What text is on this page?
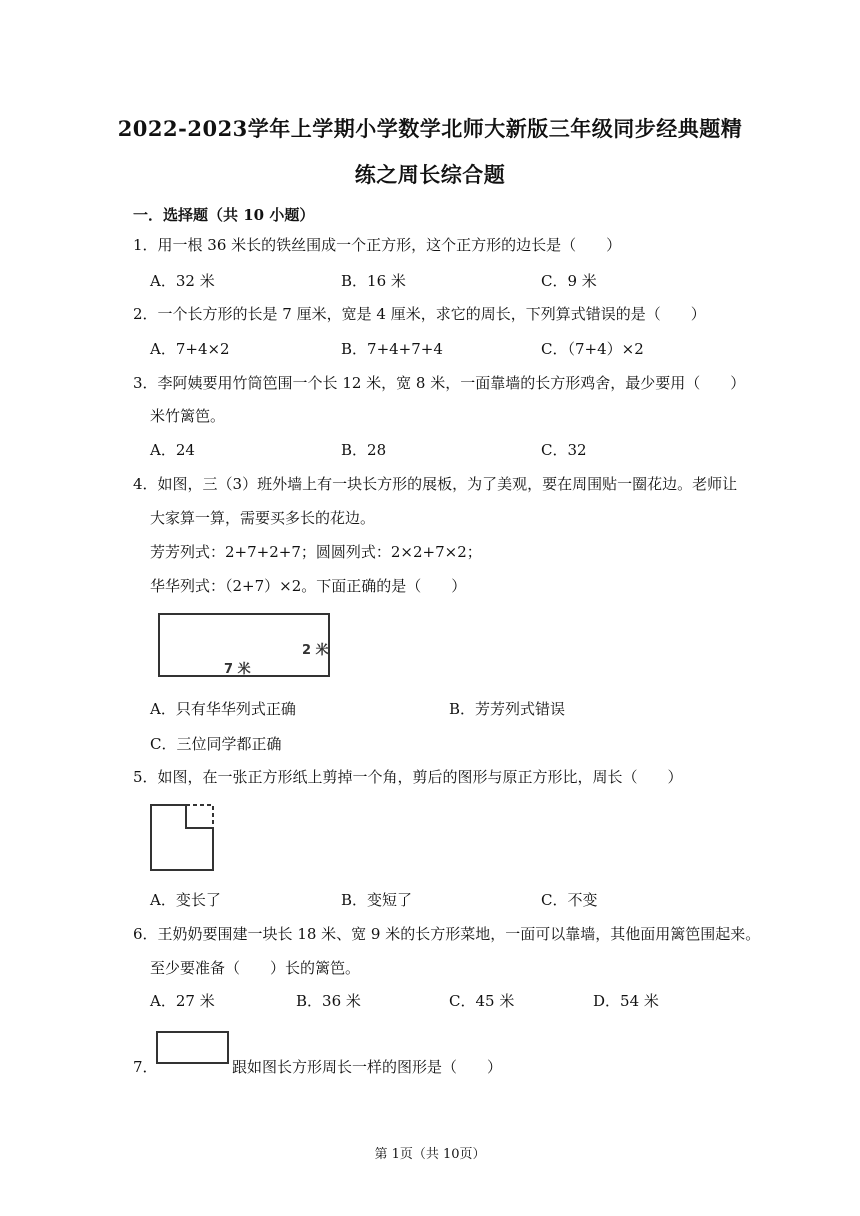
2022-2023学年上学期小学数学北师大新版三年级同步经典题精
练之周长综合题
一．选择题（共 10 小题）
1．用一根 36 米长的铁丝围成一个正方形，这个正方形的边长是（　　）
A．32 米	B．16 米	C．9 米
2．一个长方形的长是 7 厘米，宽是 4 厘米，求它的周长，下列算式错误的是（　　）
A．7+4×2	B．7+4+7+4	C．（7+4）×2
3．李阿姨要用竹筒笆围一个长 12 米，宽 8 米，一面靠墙的长方形鸡舍，最少要用（　　）
米竹篱笆。
A．24	B．28	C．32
4．如图，三（3）班外墙上有一块长方形的展板，为了美观，要在周围贴一圈花边。老师让
大家算一算，需要买多长的花边。
芳芳列式：2+7+2+7；圆圆列式：2×2+7×2；
华华列式：（2+7）×2。下面正确的是（　　）
2 米
7 米
A．只有华华列式正确	B．芳芳列式错误
C．三位同学都正确
5．如图，在一张正方形纸上剪掉一个角，剪后的图形与原正方形比，周长（　　）
A．变长了	B．变短了	C．不变
6．王奶奶要围建一块长 18 米、宽 9 米的长方形菜地，一面可以靠墙，其他面用篱笆围起来。
至少要准备（　　）长的篱笆。
A．27 米	B．36 米	C．45 米	D．54 米
7．	跟如图长方形周长一样的图形是（　　）
第 1页（共 10页）
